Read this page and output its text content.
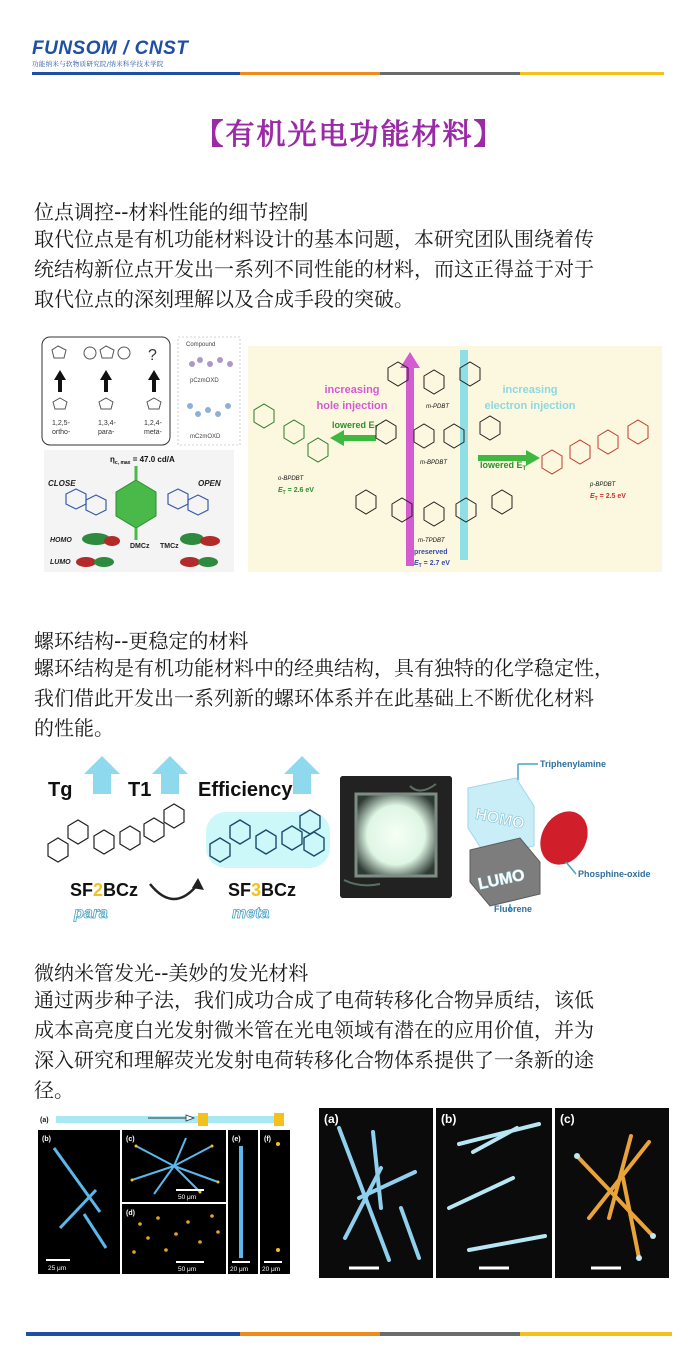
FUNSOM / CNST
功能纳米与软物质研究院/纳米科学技术学院
【有机光电功能材料】
位点调控--材料性能的细节控制
取代位点是有机功能材料设计的基本问题，本研究团队围绕着传
统结构新位点开发出一系列不同性能的材料，而这正得益于对于
取代位点的深刻理解以及合成手段的突破。
?
1,2,5-ortho-
1,3,4-para-
1,2,4-meta-
Compound
pCzmOXD
mCzmOXD
$\eta_{c, max} = 47.0$ cd/A
CLOSE	OPEN
HOMO
LUMO
DMCz TMCz
increasing hole injection
increasing electron injection
lowered $E_T$
lowered $E_T$
m-PDBT
m-BPDBT
m-TPDBT
o-BPDBT
$E_T = 2.6$ eV
p-BPDBT
$E_T = 2.5$ eV
preserved
$E_T = 2.7$ eV
螺环结构--更稳定的材料
螺环结构是有机功能材料中的经典结构，具有独特的化学稳定性，
我们借此开发出一系列新的螺环体系并在此基础上不断优化材料
的性能。
Tg	T1 Efficiency
SF2BCz
para
SF3BCz
meta
Triphenylamine
HOMO
LUMO	Phosphine-oxide
Fluorene
微纳米管发光--美妙的发光材料
通过两步种子法，我们成功合成了电荷转移化合物异质结，该低
成本高亮度白光发射微米管在光电领域有潜在的应用价值，并为
深入研究和理解荧光发射电荷转移化合物体系提供了一条新的途
径。
(a)
(b)
25 μm
(c)
50 μm
(d)
50 μm
(e)
20 μm
(f)
20 μm
(a)	(b)	(c)
